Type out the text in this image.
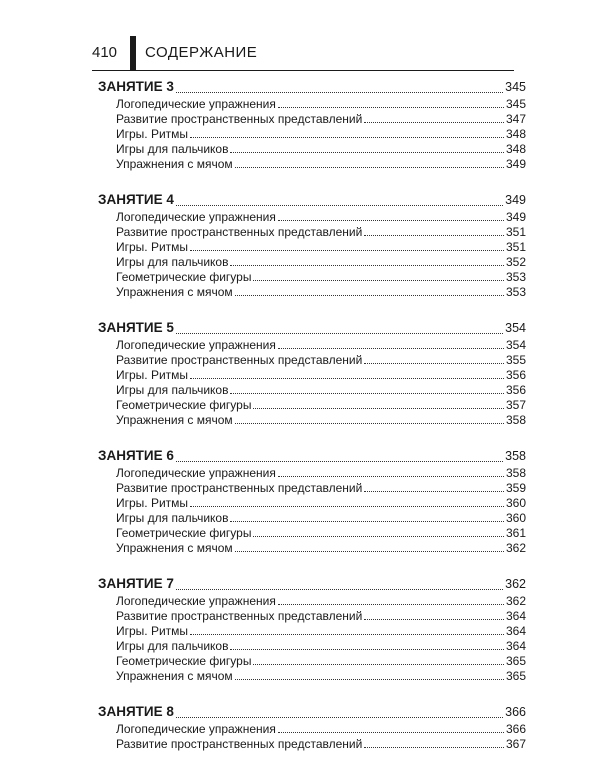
410 СОДЕРЖАНИЕ
ЗАНЯТИЕ 3	345
Логопедические упражнения	345
Развитие пространственных представлений	347
Игры. Ритмы	348
Игры для пальчиков	348
Упражнения с мячом	349
ЗАНЯТИЕ 4	349
Логопедические упражнения	349
Развитие пространственных представлений	351
Игры. Ритмы	351
Игры для пальчиков	352
Геометрические фигуры	353
Упражнения с мячом	353
ЗАНЯТИЕ 5	354
Логопедические упражнения	354
Развитие пространственных представлений	355
Игры. Ритмы	356
Игры для пальчиков	356
Геометрические фигуры	357
Упражнения с мячом	358
ЗАНЯТИЕ 6	358
Логопедические упражнения	358
Развитие пространственных представлений	359
Игры. Ритмы	360
Игры для пальчиков	360
Геометрические фигуры	361
Упражнения с мячом	362
ЗАНЯТИЕ 7	362
Логопедические упражнения	362
Развитие пространственных представлений	364
Игры. Ритмы	364
Игры для пальчиков	364
Геометрические фигуры	365
Упражнения с мячом	365
ЗАНЯТИЕ 8	366
Логопедические упражнения	366
Развитие пространственных представлений	367
